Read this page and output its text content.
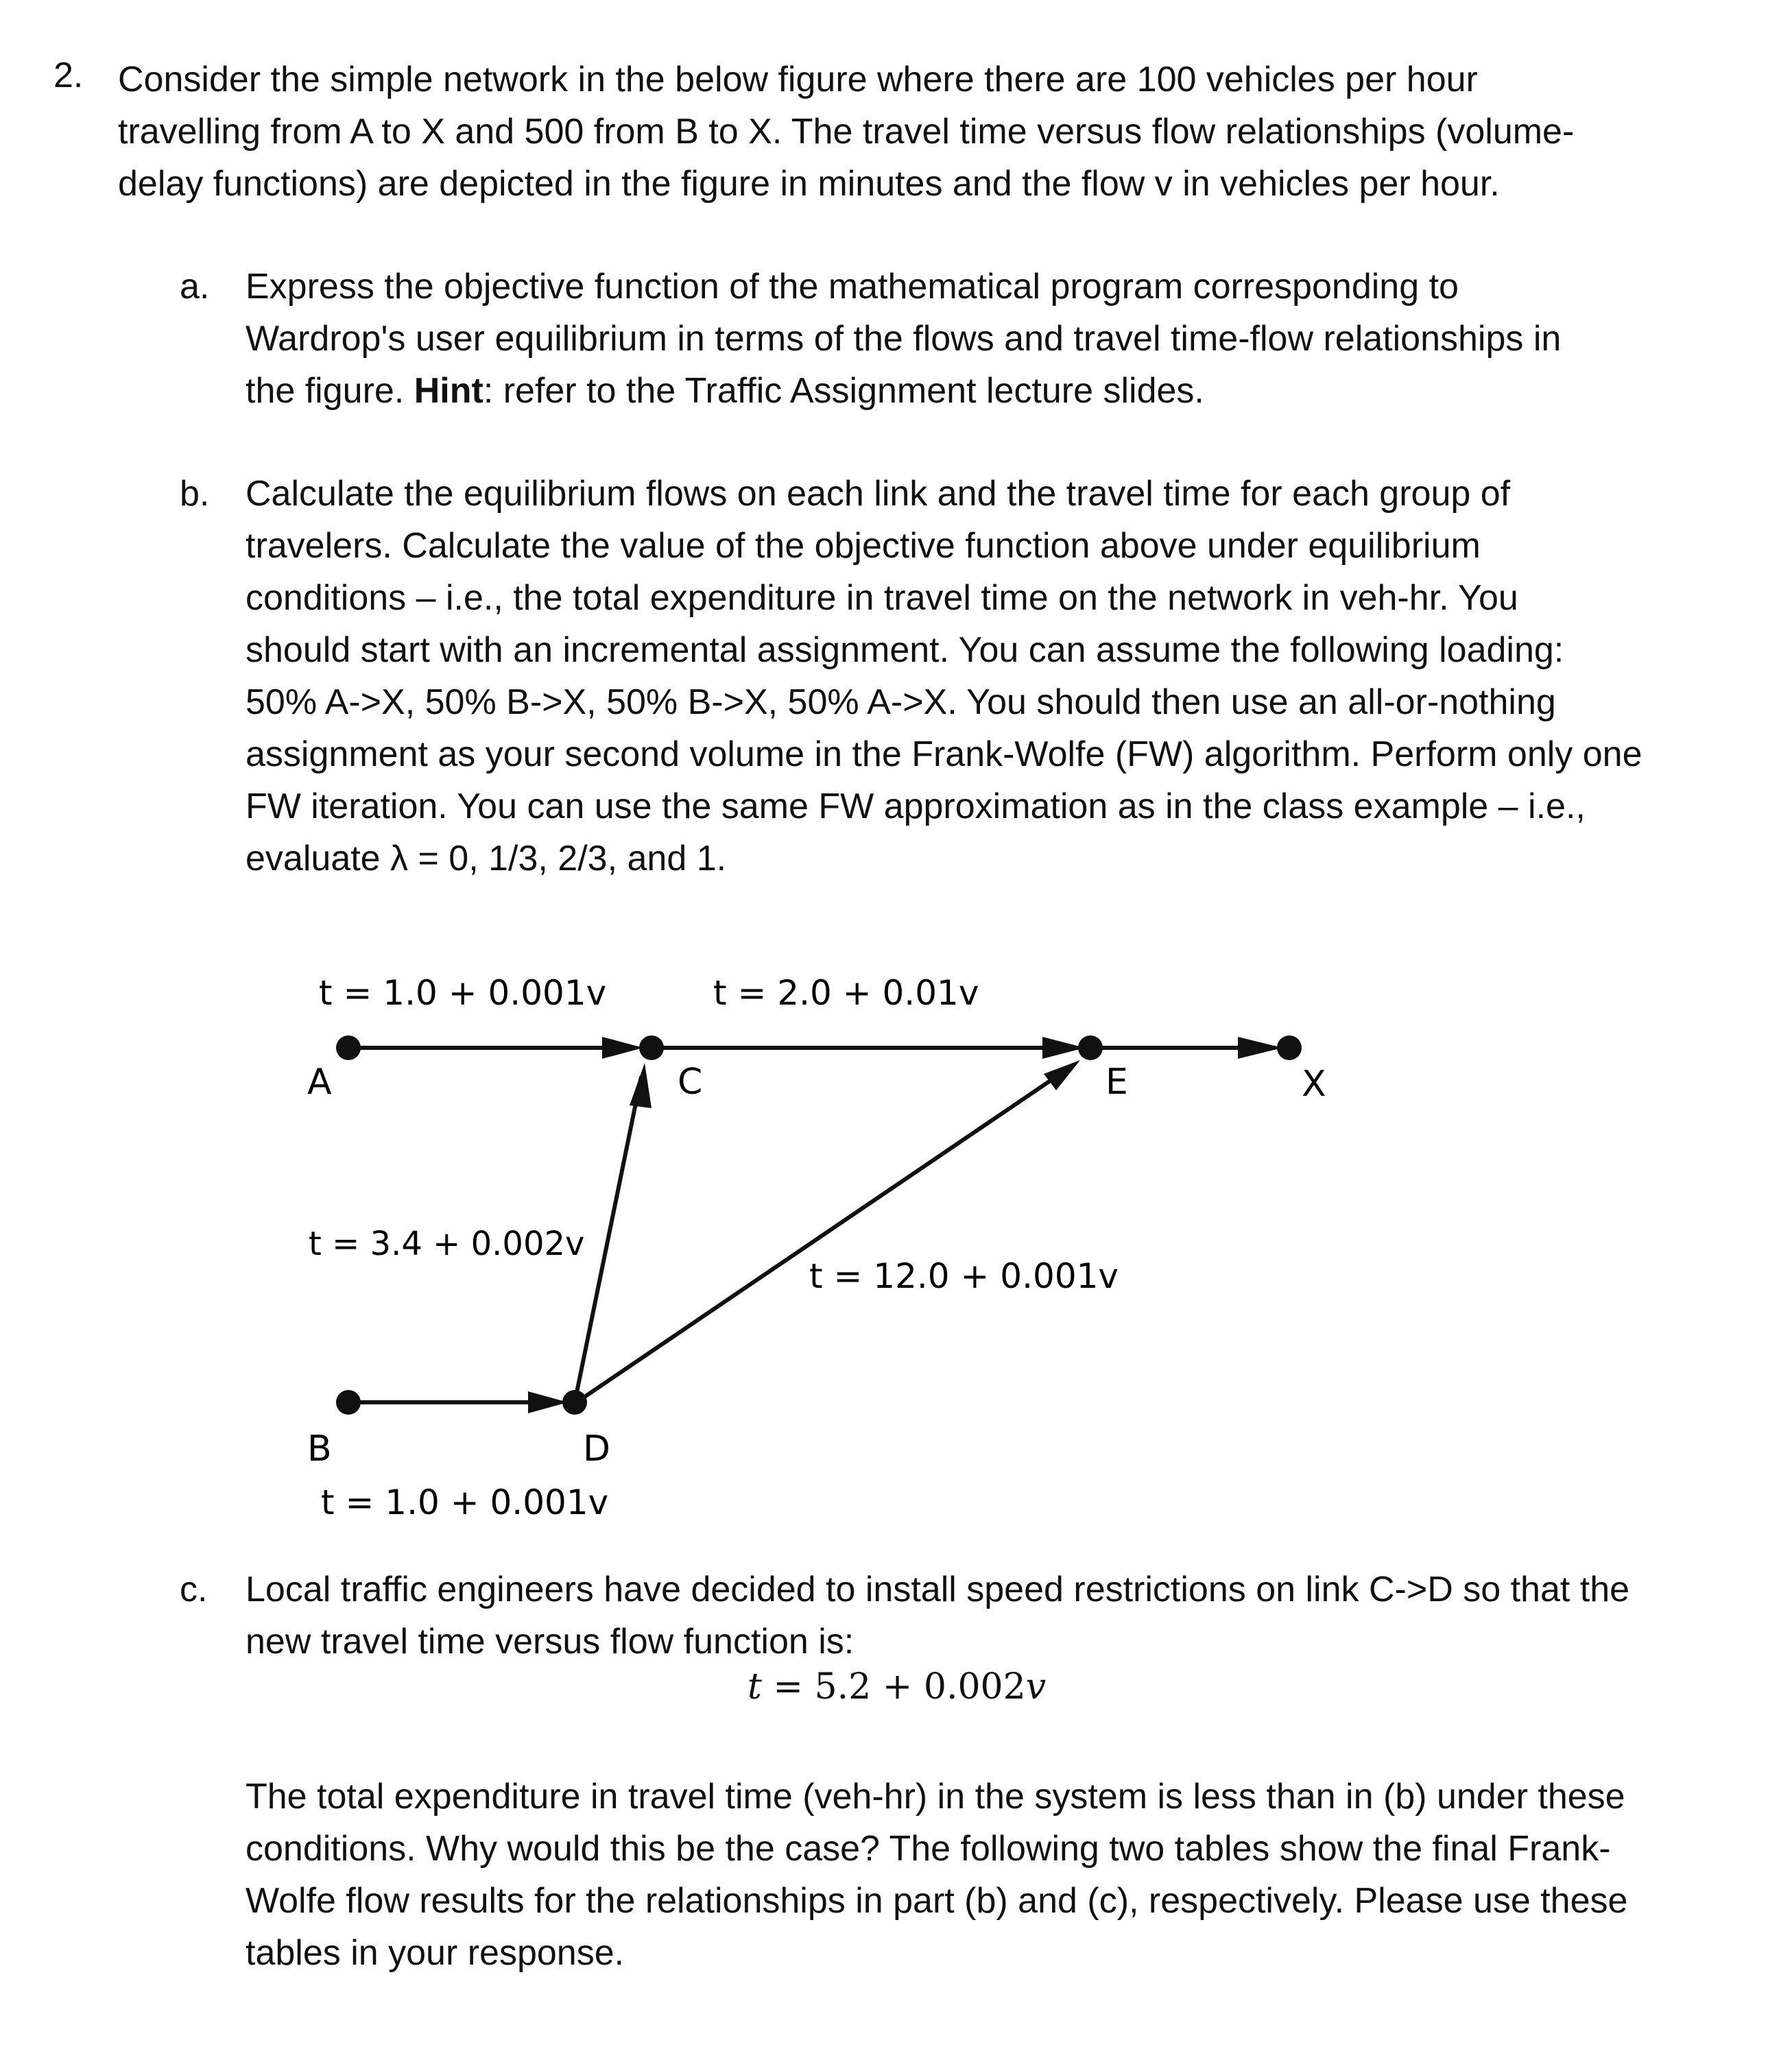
2. Consider the simple network in the below figure where there are 100 vehicles per hour

travelling from A to X and 500 from B to X. The travel time versus flow relationships (volume-

delay functions) are depicted in the figure in minutes and the flow v in vehicles per hour.

a. Express the objective function of the mathematical program corresponding to

Wardrop's user equilibrium in terms of the flows and travel time-flow relationships in

the figure. Hint: refer to the Traffic Assignment lecture slides.

b. Calculate the equilibrium flows on each link and the travel time for each group of

travelers. Calculate the value of the objective function above under equilibrium

conditions – i.e., the total expenditure in travel time on the network in veh-hr. You

should start with an incremental assignment. You can assume the following loading:

50% A->X, 50% B->X, 50% B->X, 50% A->X. You should then use an all-or-nothing

assignment as your second volume in the Frank-Wolfe (FW) algorithm. Perform only one

FW iteration. You can use the same FW approximation as in the class example – i.e.,

evaluate λ = 0, 1/3, 2/3, and 1.

A	C	E	X
B	D
t = 1.0 + 0.001v	t = 2.0 + 0.01v
t = 3.4 + 0.002v
t = 12.0 + 0.001v
t = 1.0 + 0.001v
c. Local traffic engineers have decided to install speed restrictions on link C->D so that the

new travel time versus flow function is:

t = 5.2 + 0.002v

The total expenditure in travel time (veh-hr) in the system is less than in (b) under these

conditions. Why would this be the case? The following two tables show the final Frank-

Wolfe flow results for the relationships in part (b) and (c), respectively. Please use these

tables in your response.
